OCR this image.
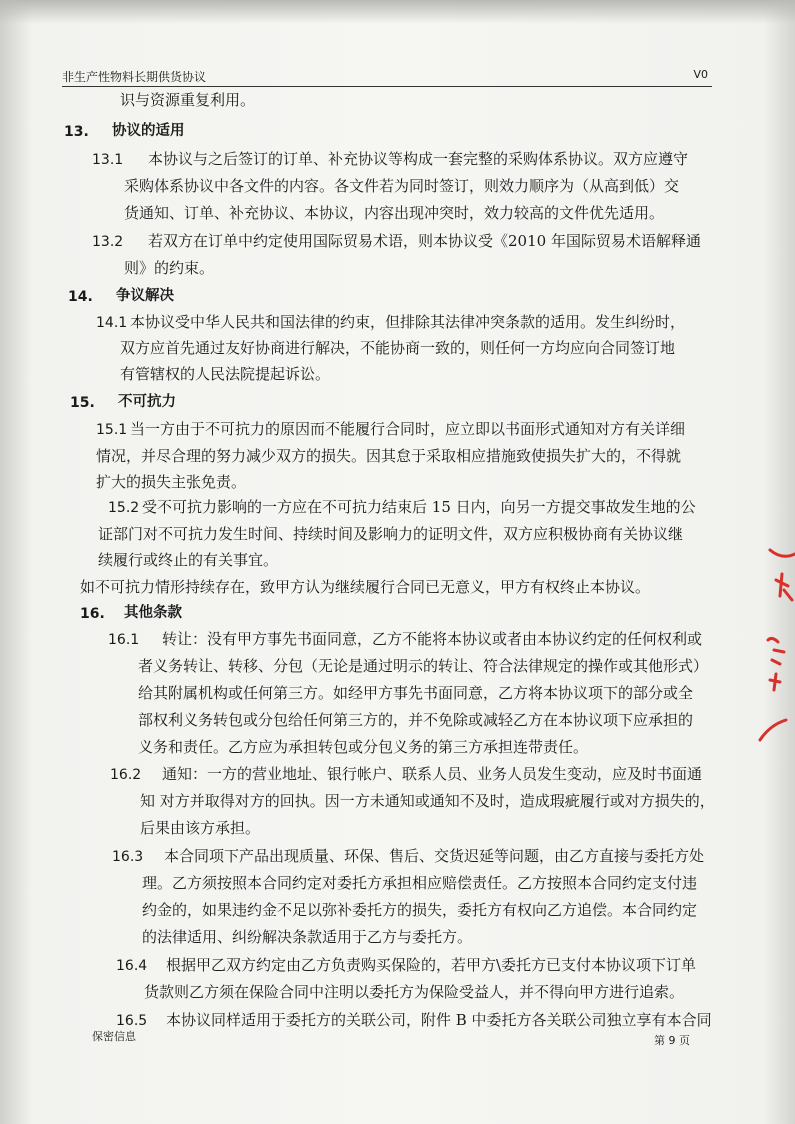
非生产性物料长期供货协议	V0
识与资源重复利用。
13. 协议的适用
13.1 本协议与之后签订的订单、补充协议等构成一套完整的采购体系协议。双方应遵守
采购体系协议中各文件的内容。各文件若为同时签订，则效力顺序为（从高到低）交
货通知、订单、补充协议、本协议，内容出现冲突时，效力较高的文件优先适用。
13.2 若双方在订单中约定使用国际贸易术语，则本协议受《2010 年国际贸易术语解释通
则》的约束。
14. 争议解决
14.1 本协议受中华人民共和国法律的约束，但排除其法律冲突条款的适用。发生纠纷时，
双方应首先通过友好协商进行解决，不能协商一致的，则任何一方均应向合同签订地
有管辖权的人民法院提起诉讼。
15. 不可抗力
15.1 当一方由于不可抗力的原因而不能履行合同时，应立即以书面形式通知对方有关详细
情况，并尽合理的努力减少双方的损失。因其怠于采取相应措施致使损失扩大的，不得就
扩大的损失主张免责。
15.2 受不可抗力影响的一方应在不可抗力结束后 15 日内，向另一方提交事故发生地的公
证部门对不可抗力发生时间、持续时间及影响力的证明文件，双方应积极协商有关协议继
续履行或终止的有关事宜。
如不可抗力情形持续存在，致甲方认为继续履行合同已无意义，甲方有权终止本协议。
16. 其他条款
16.1 转让：没有甲方事先书面同意，乙方不能将本协议或者由本协议约定的任何权利或
者义务转让、转移、分包（无论是通过明示的转让、符合法律规定的操作或其他形式）
给其附属机构或任何第三方。如经甲方事先书面同意，乙方将本协议项下的部分或全
部权利义务转包或分包给任何第三方的，并不免除或减轻乙方在本协议项下应承担的
义务和责任。乙方应为承担转包或分包义务的第三方承担连带责任。
16.2 通知：一方的营业地址、银行帐户、联系人员、业务人员发生变动，应及时书面通
知 对方并取得对方的回执。因一方未通知或通知不及时，造成瑕疵履行或对方损失的，
后果由该方承担。
16.3 本合同项下产品出现质量、环保、售后、交货迟延等问题，由乙方直接与委托方处
理。乙方须按照本合同约定对委托方承担相应赔偿责任。乙方按照本合同约定支付违
约金的，如果违约金不足以弥补委托方的损失，委托方有权向乙方追偿。本合同约定
的法律适用、纠纷解决条款适用于乙方与委托方。
16.4 根据甲乙双方约定由乙方负责购买保险的，若甲方\委托方已支付本协议项下订单
货款则乙方须在保险合同中注明以委托方为保险受益人，并不得向甲方进行追索。
16.5 本协议同样适用于委托方的关联公司，附件 B 中委托方各关联公司独立享有本合同
保密信息	第 9 页
